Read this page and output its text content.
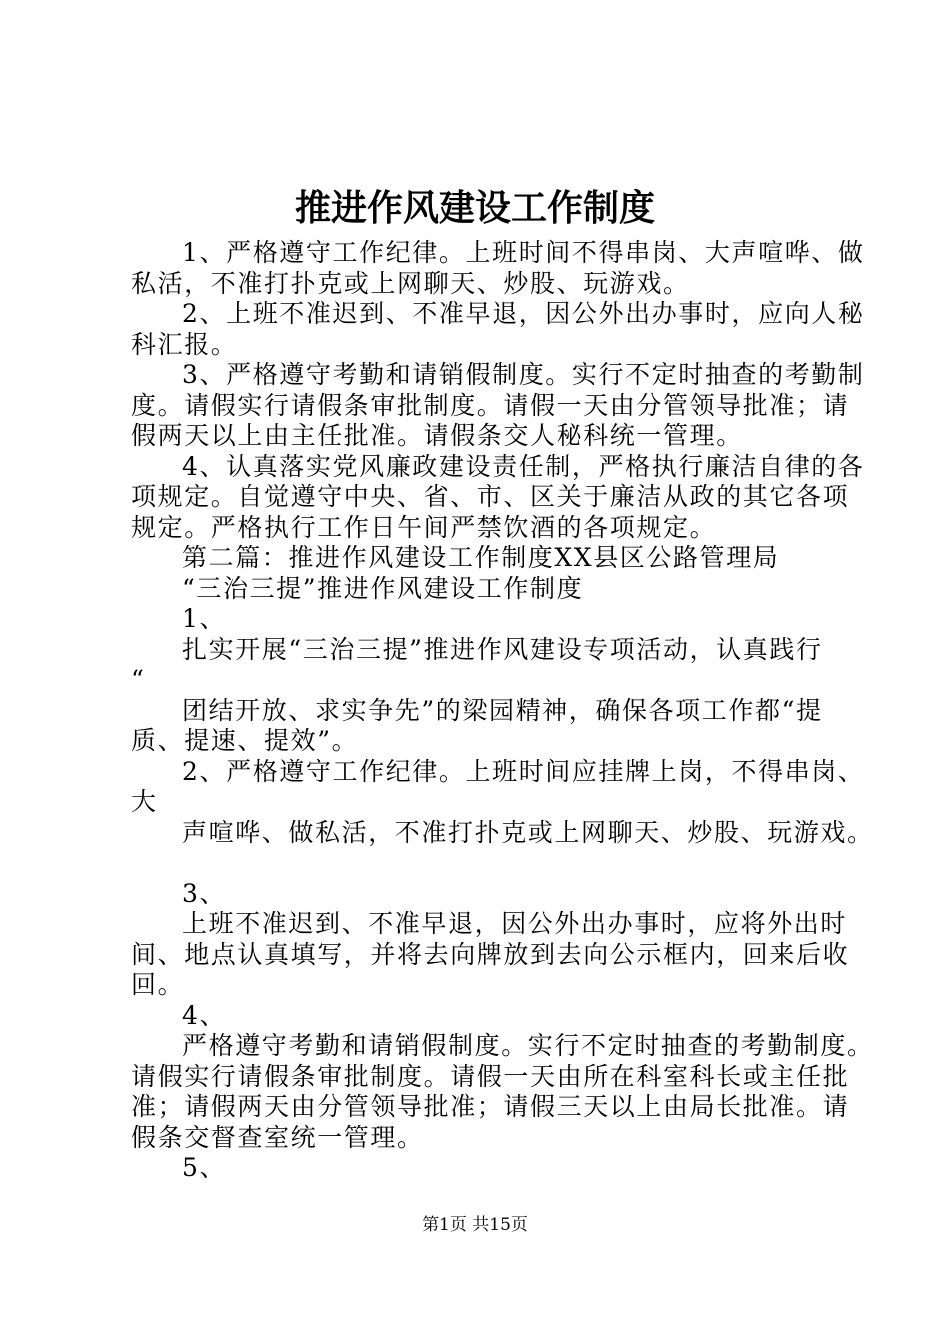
推进作风建设工作制度
1、严格遵守工作纪律。上班时间不得串岗、大声喧哗、做
私活，不准打扑克或上网聊天、炒股、玩游戏。
2、上班不准迟到、不准早退，因公外出办事时，应向人秘
科汇报。
3、严格遵守考勤和请销假制度。实行不定时抽查的考勤制
度。请假实行请假条审批制度。请假一天由分管领导批准；请
假两天以上由主任批准。请假条交人秘科统一管理。
4、认真落实党风廉政建设责任制，严格执行廉洁自律的各
项规定。自觉遵守中央、省、市、区关于廉洁从政的其它各项
规定。严格执行工作日午间严禁饮酒的各项规定。
第二篇：推进作风建设工作制度XX县区公路管理局
“三治三提”推进作风建设工作制度
1、
扎实开展“三治三提”推进作风建设专项活动，认真践行
“
团结开放、求实争先”的梁园精神，确保各项工作都“提
质、提速、提效”。
2、严格遵守工作纪律。上班时间应挂牌上岗，不得串岗、
大
声喧哗、做私活，不准打扑克或上网聊天、炒股、玩游戏。
3、
上班不准迟到、不准早退，因公外出办事时，应将外出时
间、地点认真填写，并将去向牌放到去向公示框内，回来后收
回。
4、
严格遵守考勤和请销假制度。实行不定时抽查的考勤制度。
请假实行请假条审批制度。请假一天由所在科室科长或主任批
准；请假两天由分管领导批准；请假三天以上由局长批准。请
假条交督查室统一管理。
5、
第1页 共15页
